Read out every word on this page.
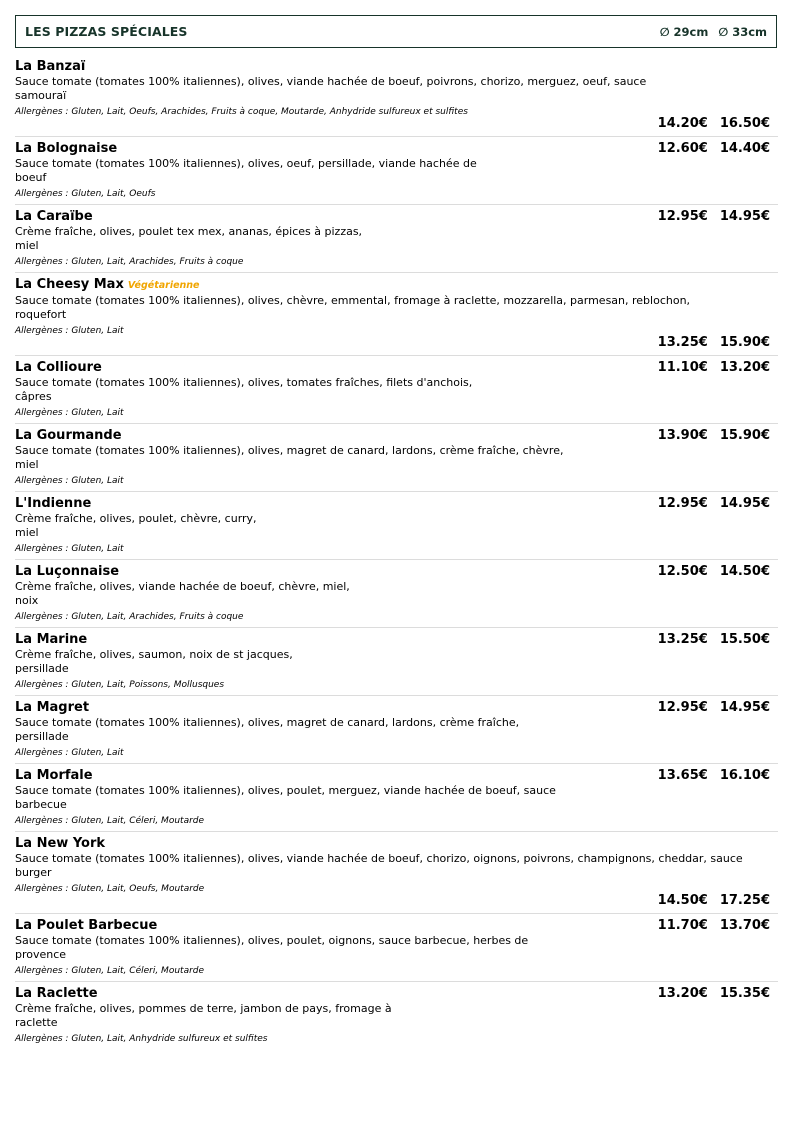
LES PIZZAS SPÉCIALES	∅ 29cm ∅ 33cm
La Banzaï
Sauce tomate (tomates 100% italiennes), olives, viande hachée de boeuf, poivrons, chorizo, merguez, oeuf, sauce
samouraï
Allergènes : Gluten, Lait, Oeufs, Arachides, Fruits à coque, Moutarde, Anhydride sulfureux et sulfites
14.20€ 16.50€
La Bolognaise
Sauce tomate (tomates 100% italiennes), olives, oeuf, persillade, viande hachée de
boeuf
Allergènes : Gluten, Lait, Oeufs
12.60€ 14.40€
La Caraïbe
Crème fraîche, olives, poulet tex mex, ananas, épices à pizzas,
miel
Allergènes : Gluten, Lait, Arachides, Fruits à coque
12.95€ 14.95€
La Cheesy Max Végétarienne
Sauce tomate (tomates 100% italiennes), olives, chèvre, emmental, fromage à raclette, mozzarella, parmesan, reblochon,
roquefort
Allergènes : Gluten, Lait
13.25€ 15.90€
La Collioure
Sauce tomate (tomates 100% italiennes), olives, tomates fraîches, filets d'anchois,
câpres
Allergènes : Gluten, Lait
11.10€ 13.20€
La Gourmande
Sauce tomate (tomates 100% italiennes), olives, magret de canard, lardons, crème fraîche, chèvre,
miel
Allergènes : Gluten, Lait
13.90€ 15.90€
L'Indienne
Crème fraîche, olives, poulet, chèvre, curry,
miel
Allergènes : Gluten, Lait
12.95€ 14.95€
La Luçonnaise
Crème fraîche, olives, viande hachée de boeuf, chèvre, miel,
noix
Allergènes : Gluten, Lait, Arachides, Fruits à coque
12.50€ 14.50€
La Marine
Crème fraîche, olives, saumon, noix de st jacques,
persillade
Allergènes : Gluten, Lait, Poissons, Mollusques
13.25€ 15.50€
La Magret
Sauce tomate (tomates 100% italiennes), olives, magret de canard, lardons, crème fraîche,
persillade
Allergènes : Gluten, Lait
12.95€ 14.95€
La Morfale
Sauce tomate (tomates 100% italiennes), olives, poulet, merguez, viande hachée de boeuf, sauce
barbecue
Allergènes : Gluten, Lait, Céleri, Moutarde
13.65€ 16.10€
La New York
Sauce tomate (tomates 100% italiennes), olives, viande hachée de boeuf, chorizo, oignons, poivrons, champignons, cheddar, sauce
burger
Allergènes : Gluten, Lait, Oeufs, Moutarde
14.50€ 17.25€
La Poulet Barbecue
Sauce tomate (tomates 100% italiennes), olives, poulet, oignons, sauce barbecue, herbes de
provence
Allergènes : Gluten, Lait, Céleri, Moutarde
11.70€ 13.70€
La Raclette
Crème fraîche, olives, pommes de terre, jambon de pays, fromage à
raclette
Allergènes : Gluten, Lait, Anhydride sulfureux et sulfites
13.20€ 15.35€
